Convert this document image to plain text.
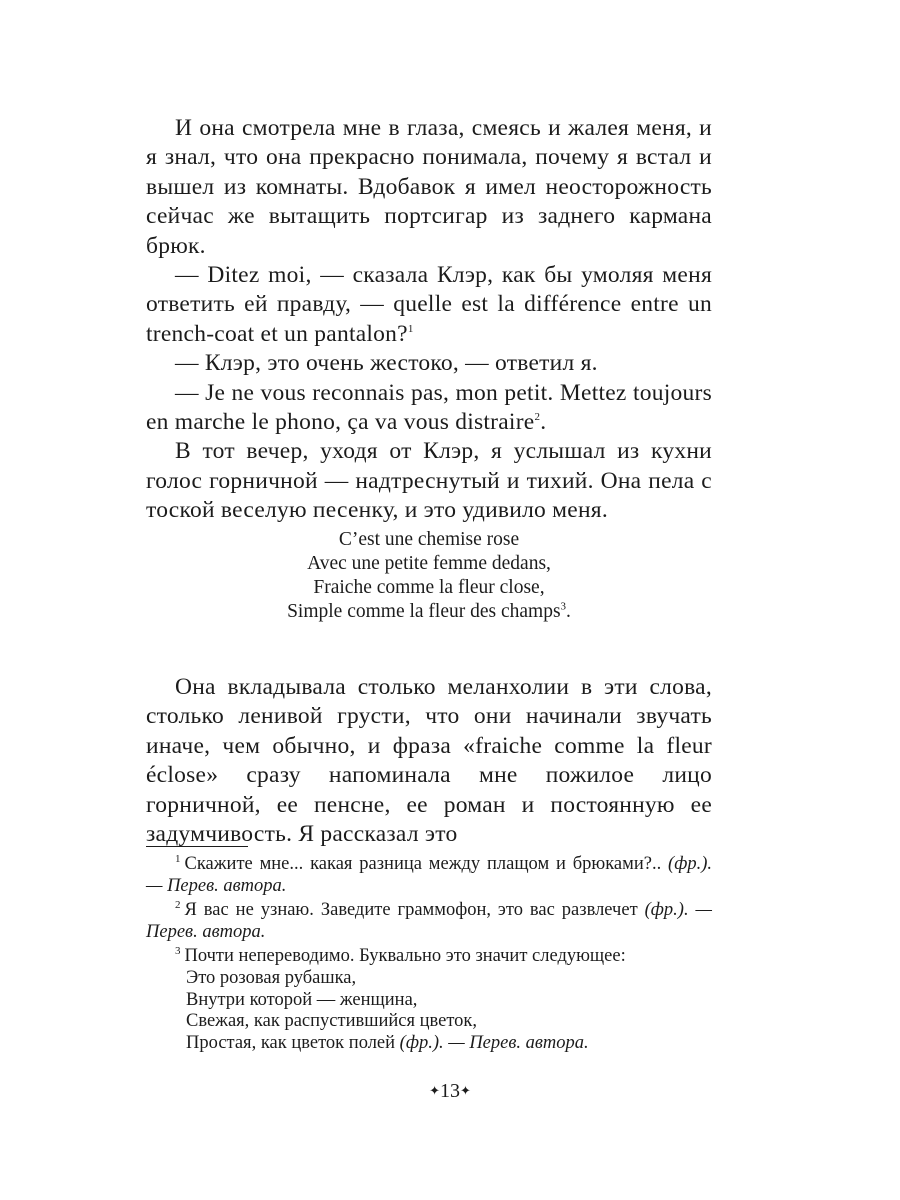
И она смотрела мне в глаза, смеясь и жалея меня, и я знал, что она прекрасно понимала, почему я встал и вышел из комнаты. Вдобавок я имел неосторожность сейчас же вытащить портсигар из заднего кармана брюк.

— Ditez moi, — сказала Клэр, как бы умоляя меня ответить ей правду, — quelle est la différence entre un trench-coat et un pantalon?$^1$

— Клэр, это очень жестоко, — ответил я.

— Je ne vous reconnais pas, mon petit. Mettez toujours en marche le phono, ça va vous distraire$^2$.

В тот вечер, уходя от Клэр, я услышал из кухни голос горничной — надтреснутый и тихий. Она пела с тоской веселую песенку, и это удивило меня.

C’est une chemise rose
Avec une petite femme dedans,
Fraiche comme la fleur close,
Simple comme la fleur des champs$^3$.

Она вкладывала столько меланхолии в эти слова, столько ленивой грусти, что они начинали звучать иначе, чем обычно, и фраза «fraiche comme la fleur éclose» сразу напоминала мне пожилое лицо горничной, ее пенсне, ее роман и постоянную ее задумчивость. Я рассказал это

$^1$ Скажите мне... какая разница между плащом и брюками?.. (фр.). — Перев. автора.

$^2$ Я вас не узнаю. Заведите граммофон, это вас развлечет (фр.). — Перев. автора.

$^3$ Почти непереводимо. Буквально это значит следующее:
Это розовая рубашка,
Внутри которой — женщина,
Свежая, как распустившийся цветок,
Простая, как цветок полей (фр.). — Перев. автора.

✦13✦
